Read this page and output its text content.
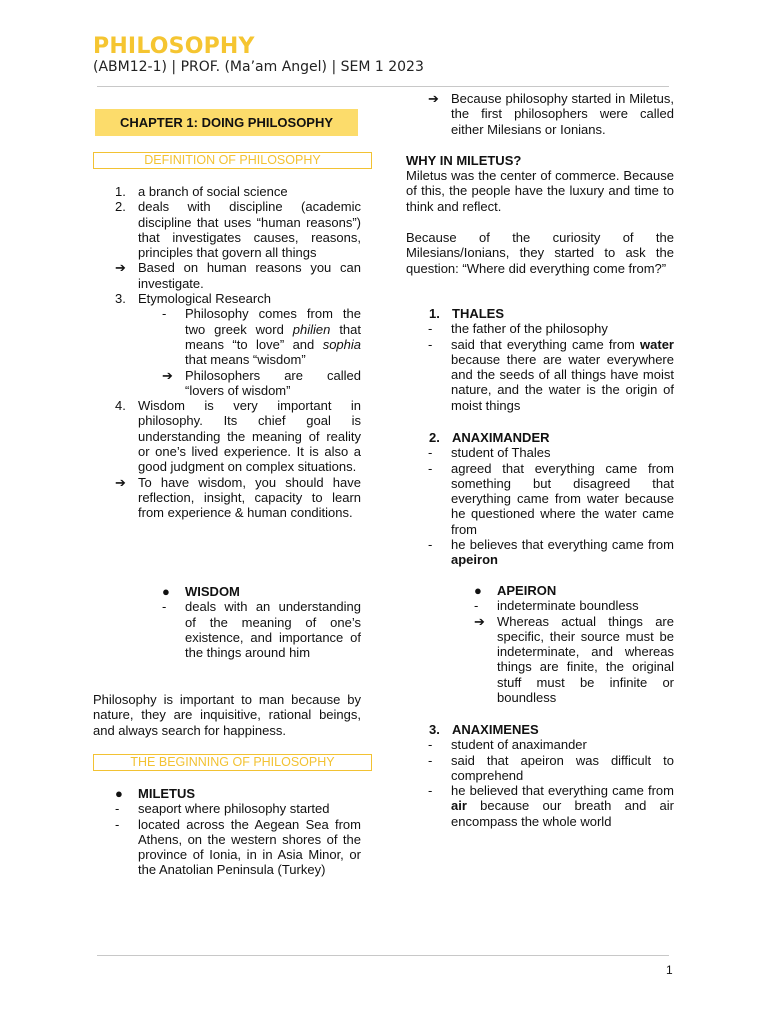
PHILOSOPHY
(ABM12-1) | PROF. (Ma’am Angel) | SEM 1 2023
CHAPTER 1: DOING PHILOSOPHY
DEFINITION OF PHILOSOPHY
1. a branch of social science
2. deals with discipline (academic discipline that uses “human reasons”) that investigates causes, reasons, principles that govern all things
➔ Based on human reasons you can investigate.
3. Etymological Research
-	Philosophy comes from the two greek word philien that means “to love” and sophia that means “wisdom”
➔ Philosophers are called “lovers of wisdom”
4. Wisdom is very important in philosophy. Its chief goal is understanding the meaning of reality or one’s lived experience. It is also a good judgment on complex situations.
➔ To have wisdom, you should have reflection, insight, capacity to learn from experience & human conditions.
●	WISDOM
-	deals with an understanding of the meaning of one’s existence, and importance of the things around him
Philosophy is important to man because by nature, they are inquisitive, rational beings, and always search for happiness.
THE BEGINNING OF PHILOSOPHY
●	MILETUS
-	seaport where philosophy started
-	located across the Aegean Sea from Athens, on the western shores of the province of Ionia, in in Asia Minor, or the Anatolian Peninsula (Turkey)
➔ Because philosophy started in Miletus, the first philosophers were called either Milesians or Ionians.
WHY IN MILETUS?
Miletus was the center of commerce. Because of this, the people have the luxury and time to think and reflect.
Because of the curiosity of the Milesians/Ionians, they started to ask the question: “Where did everything come from?”
1. THALES
-	the father of the philosophy
-	said that everything came from water because there are water everywhere and the seeds of all things have moist nature, and the water is the origin of moist things
2. ANAXIMANDER
-	student of Thales
-	agreed that everything came from something but disagreed that everything came from water because he questioned where the water came from
-	he believes that everything came from apeiron
●	APEIRON
-	indeterminate boundless
➔ Whereas actual things are specific, their source must be indeterminate, and whereas things are finite, the original stuff must be infinite or boundless
3. ANAXIMENES
-	student of anaximander
-	said that apeiron was difficult to comprehend
-	he believed that everything came from air because our breath and air encompass the whole world
1
